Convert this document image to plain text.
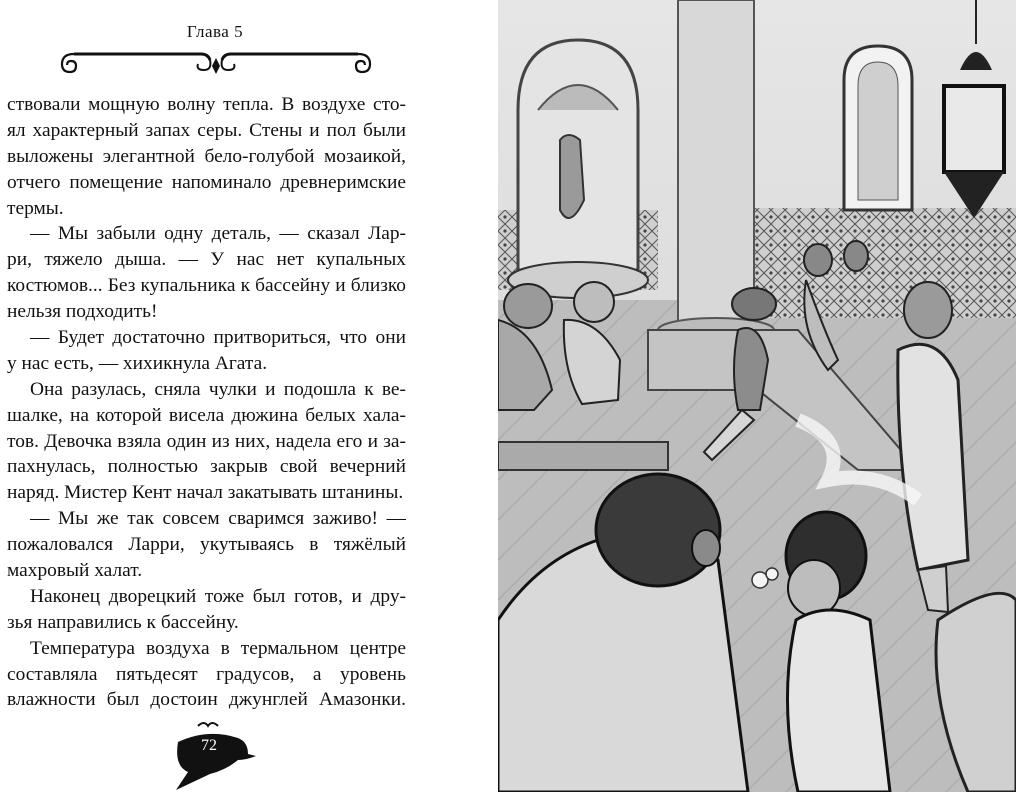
Глава 5
ствовали мощную волну тепла. В воздухе сто-
ял характерный запах серы. Стены и пол были
выложены элегантной бело-голубой мозаикой,
отчего помещение напоминало древнеримские
термы.
— Мы забыли одну деталь, — сказал Лар-
ри, тяжело дыша. — У нас нет купальных
костюмов... Без купальника к бассейну и близко
нельзя подходить!
— Будет достаточно притвориться, что они
у нас есть, — хихикнула Агата.
Она разулась, сняла чулки и подошла к ве-
шалке, на которой висела дюжина белых хала-
тов. Девочка взяла один из них, надела его и за-
пахнулась, полностью закрыв свой вечерний
наряд. Мистер Кент начал закатывать штанины.
— Мы же так совсем сваримся заживо! —
пожаловался Ларри, укутываясь в тяжёлый
махровый халат.
Наконец дворецкий тоже был готов, и дру-
зья направились к бассейну.
Температура воздуха в термальном центре
составляла пятьдесят градусов, а уровень
влажности был достоин джунглей Амазонки.
72
